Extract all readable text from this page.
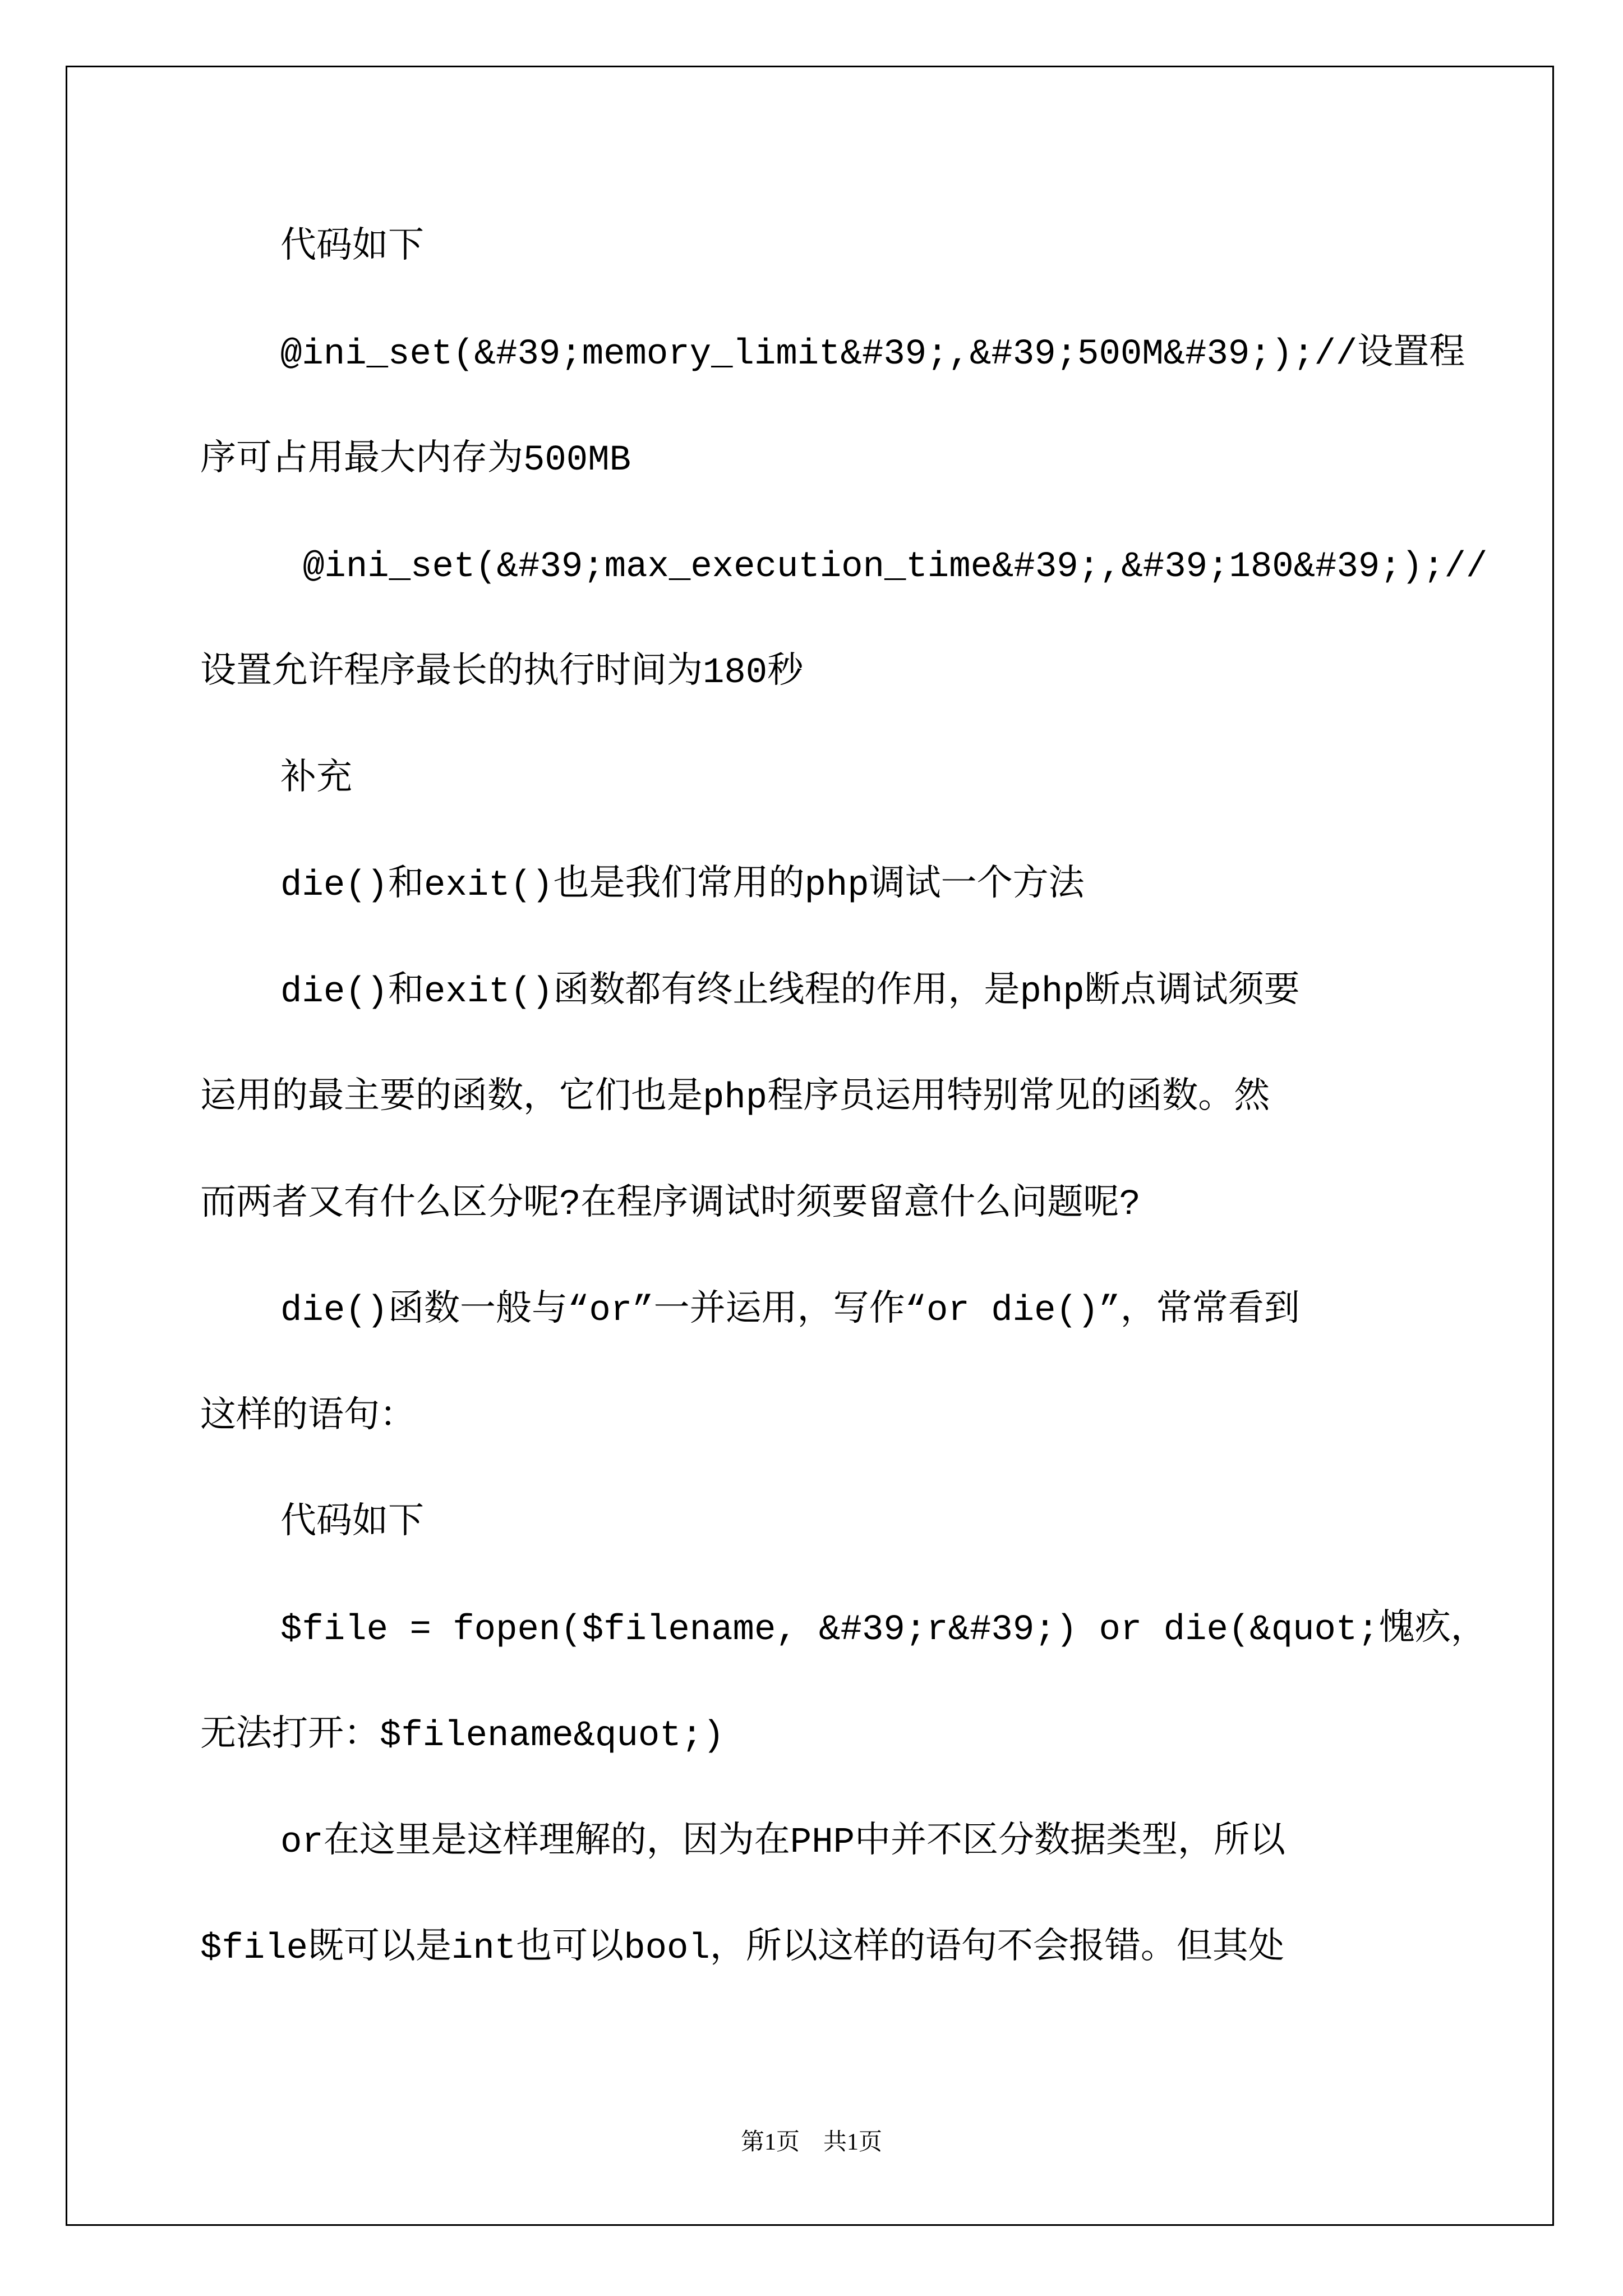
代码如下
@ini_set(&#39;memory_limit&#39;,&#39;500M&#39;);//设置程
序可占用最大内存为500MB
@ini_set(&#39;max_execution_time&#39;,&#39;180&#39;);//
设置允许程序最长的执行时间为180秒
补充
die()和exit()也是我们常用的php调试一个方法
die()和exit()函数都有终止线程的作用，是php断点调试须要
运用的最主要的函数，它们也是php程序员运用特别常见的函数。然
而两者又有什么区分呢?在程序调试时须要留意什么问题呢?
die()函数一般与“or”一并运用，写作“or die()”，常常看到
这样的语句：
代码如下
$file = fopen($filename, &#39;r&#39;) or die(&quot;愧疚，
无法打开：$filename&quot;)
or在这里是这样理解的，因为在PHP中并不区分数据类型，所以
$file既可以是int也可以bool，所以这样的语句不会报错。但其处
第1页　共1页
